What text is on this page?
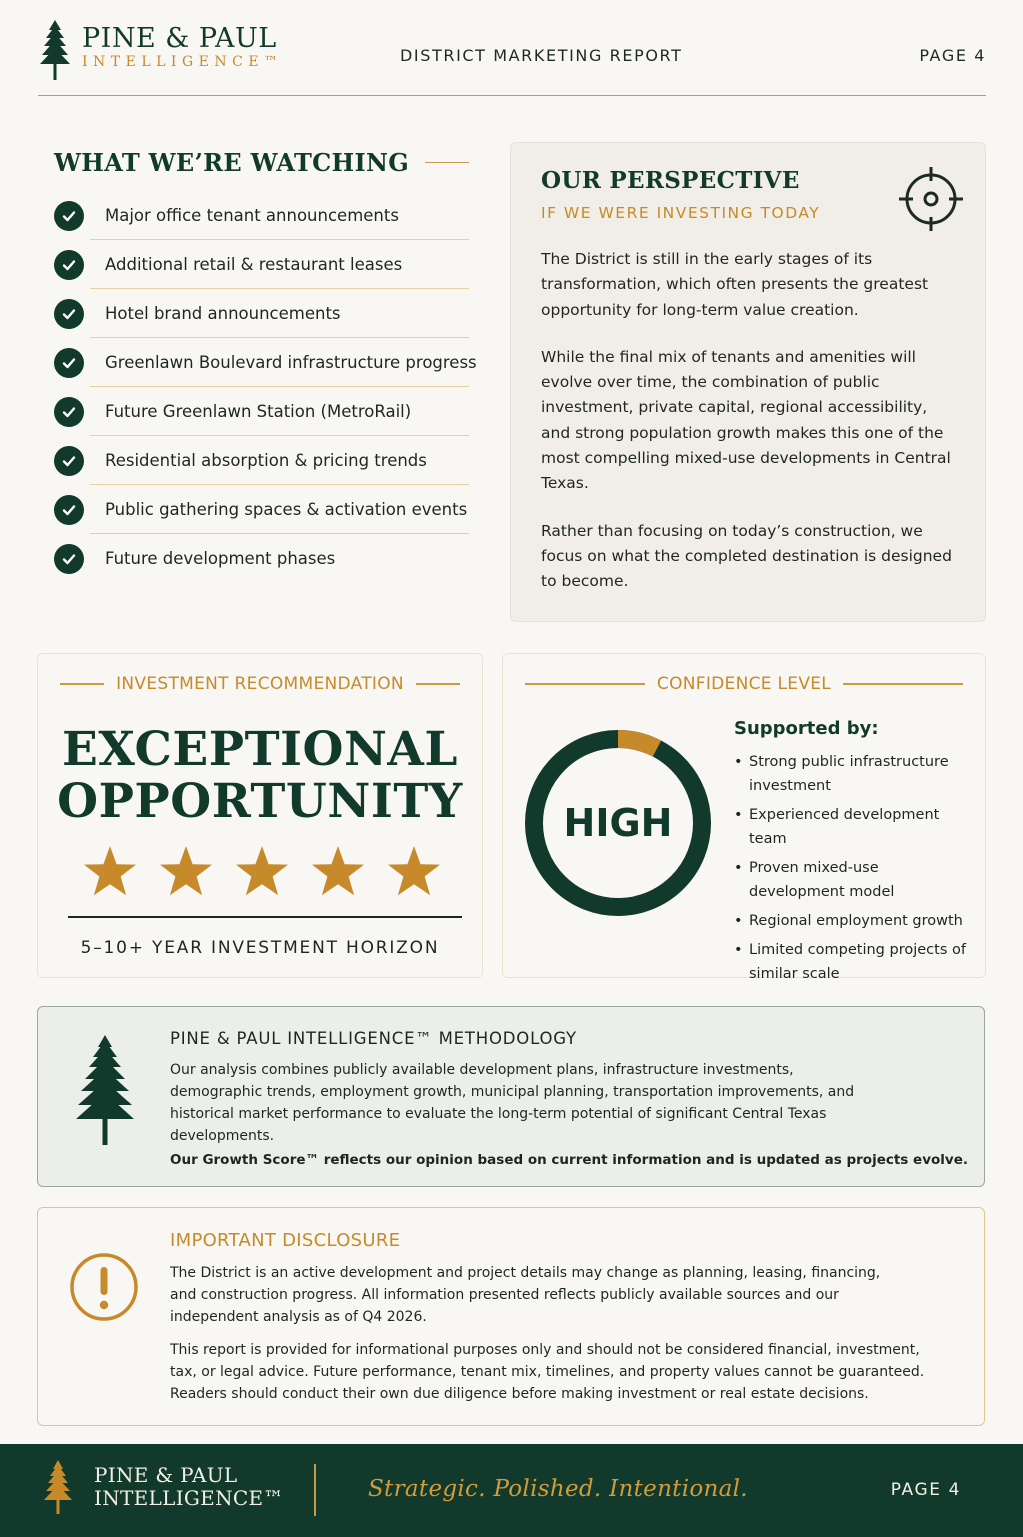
PINE & PAUL
INTELLIGENCE™	DISTRICT MARKETING REPORT	PAGE 4
WHAT WE’RE WATCHING
Major office tenant announcements
Additional retail & restaurant leases
Hotel brand announcements
Greenlawn Boulevard infrastructure progress
Future Greenlawn Station (MetroRail)
Residential absorption & pricing trends
Public gathering spaces & activation events
Future development phases
OUR PERSPECTIVE
IF WE WERE INVESTING TODAY

The District is still in the early stages of its transformation, which often presents the greatest opportunity for long-term value creation.

While the final mix of tenants and amenities will evolve over time, the combination of public investment, private capital, regional accessibility, and strong population growth makes this one of the most compelling mixed-use developments in Central Texas.

Rather than focusing on today’s construction, we focus on what the completed destination is designed to become.

INVESTMENT RECOMMENDATION
EXCEPTIONAL
OPPORTUNITY
5–10+ YEAR INVESTMENT HORIZON
CONFIDENCE LEVEL
HIGH
Supported by:
• Strong public infrastructure investment
• Experienced development team
• Proven mixed-use development model
• Regional employment growth
• Limited competing projects of similar scale
PINE & PAUL INTELLIGENCE™ METHODOLOGY
Our analysis combines publicly available development plans, infrastructure investments, demographic trends, employment growth, municipal planning, transportation improvements, and historical market performance to evaluate the long-term potential of significant Central Texas developments.
Our Growth Score™ reflects our opinion based on current information and is updated as projects evolve.
IMPORTANT DISCLOSURE
The District is an active development and project details may change as planning, leasing, financing, and construction progress. All information presented reflects publicly available sources and our independent analysis as of Q4 2026.
This report is provided for informational purposes only and should not be considered financial, investment, tax, or legal advice. Future performance, tenant mix, timelines, and property values cannot be guaranteed. Readers should conduct their own due diligence before making investment or real estate decisions.
PINE & PAUL
INTELLIGENCE™	Strategic. Polished. Intentional.	PAGE 4
